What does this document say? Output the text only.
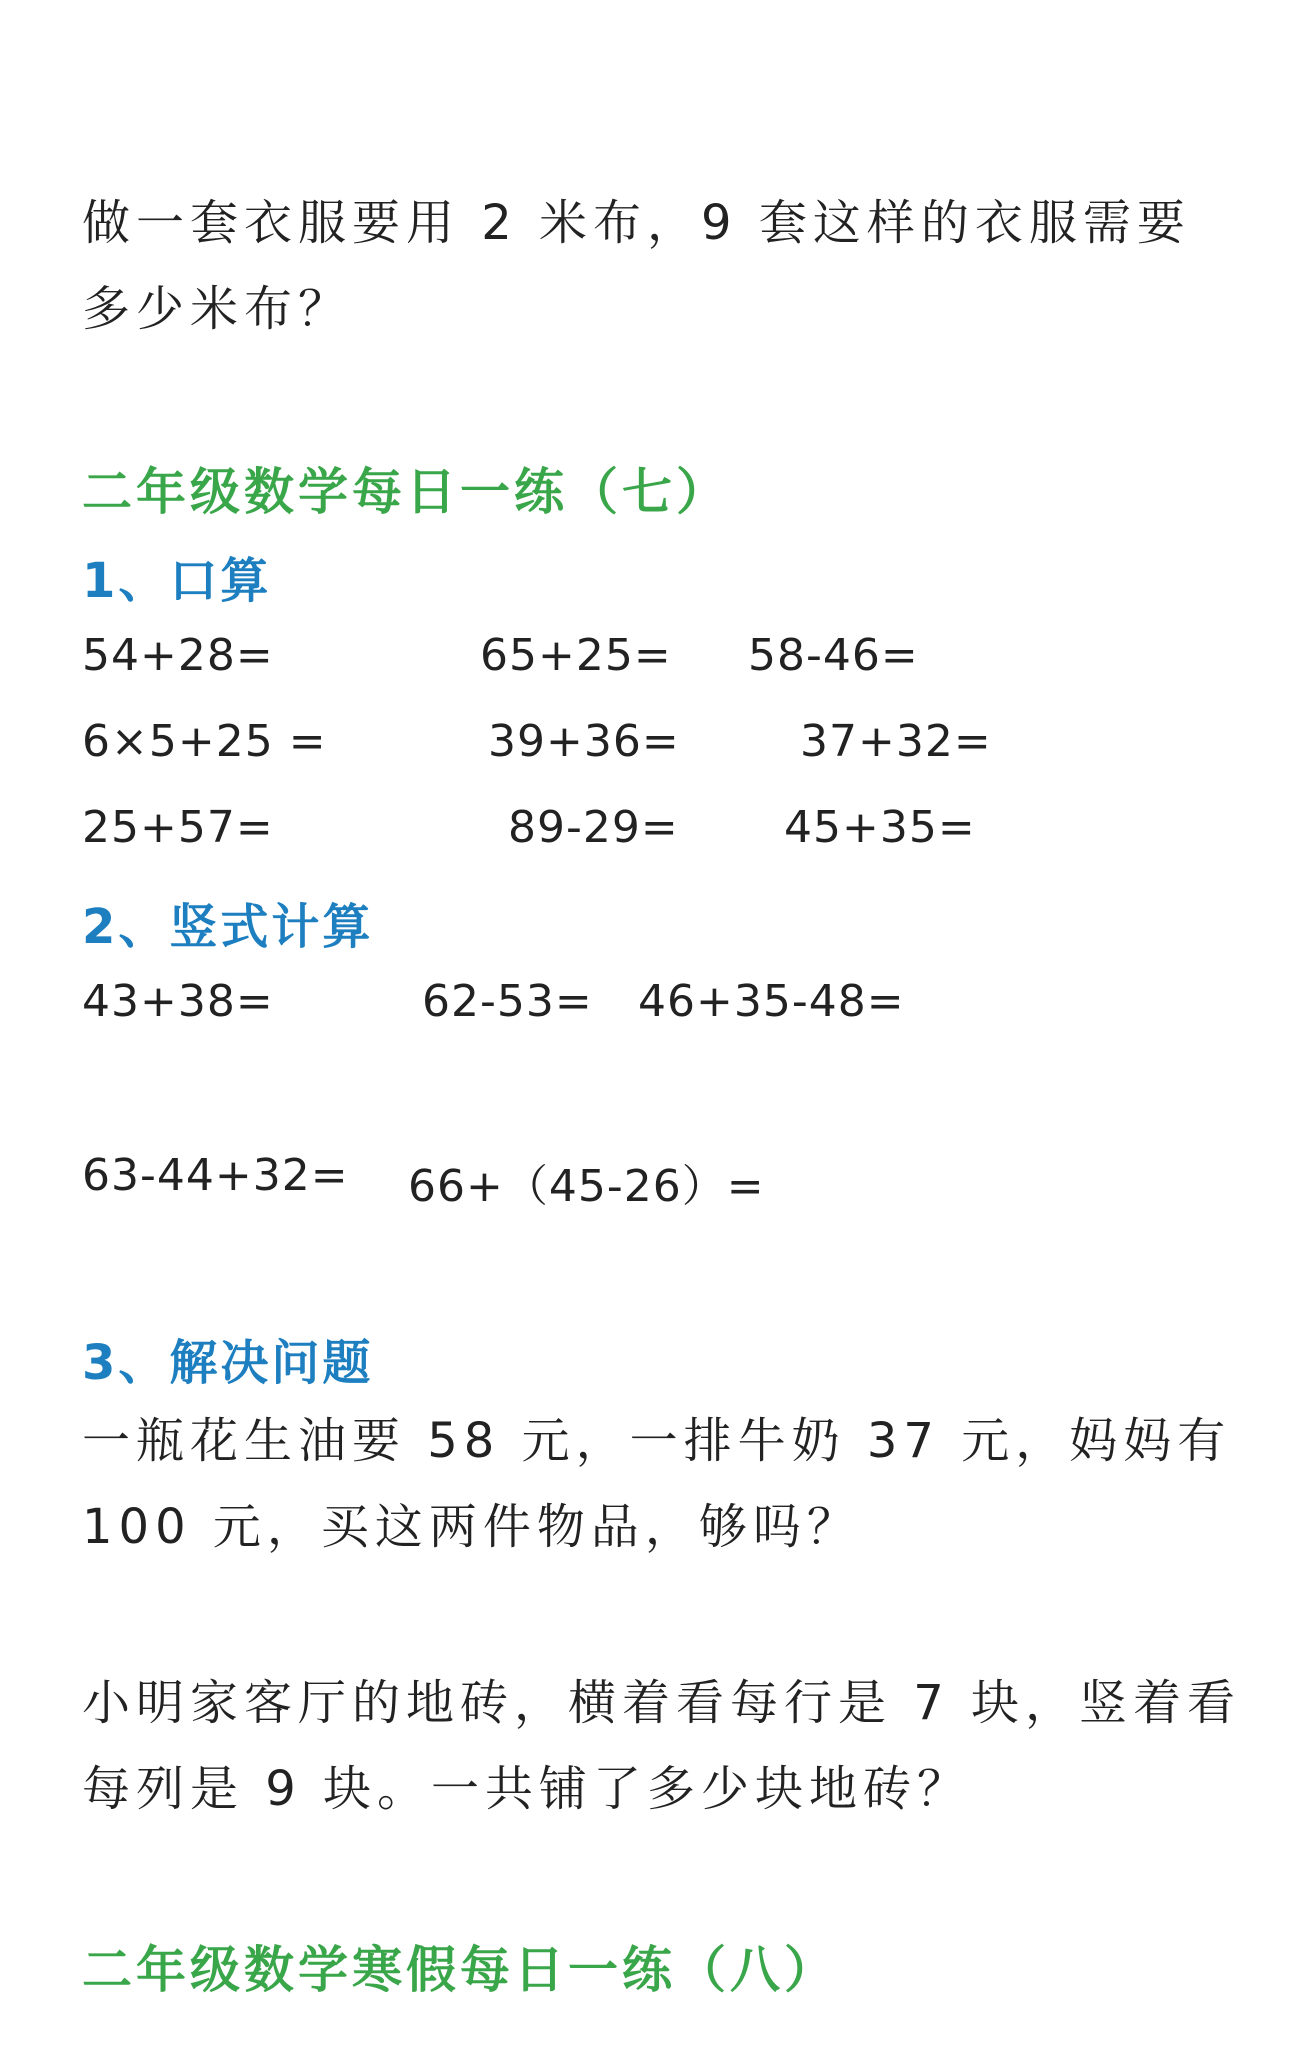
做一套衣服要用 2 米布，9 套这样的衣服需要多少米布？
二年级数学每日一练（七）
1、口算
54+28=	65+25= 58-46=
6×5+25 =	39+36=	37+32=
25+57=	89-29= 45+35=
2、竖式计算
43+38=	62-53= 46+35-48=
63-44+32= 66+（45-26）=
3、解决问题
一瓶花生油要 58 元，一排牛奶 37 元，妈妈有 100 元，买这两件物品，够吗？
小明家客厅的地砖，横着看每行是 7 块，竖着看每列是 9 块。一共铺了多少块地砖？
二年级数学寒假每日一练（八）
